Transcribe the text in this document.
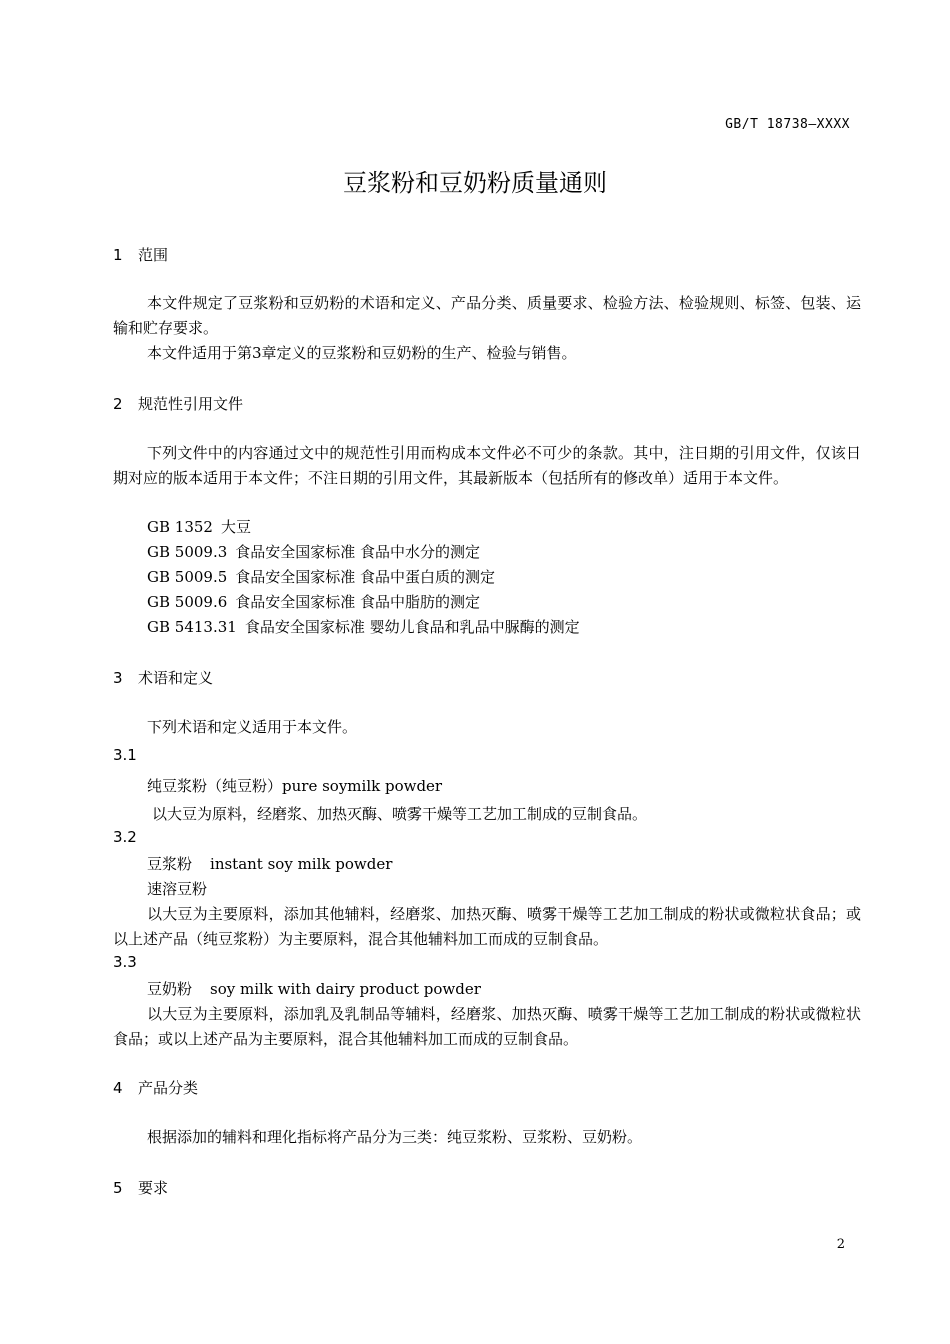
GB/T 18738—XXXX
豆浆粉和豆奶粉质量通则
1 范围
本文件规定了豆浆粉和豆奶粉的术语和定义、产品分类、质量要求、检验方法、检验规则、标签、包装、运输和贮存要求。
本文件适用于第3章定义的豆浆粉和豆奶粉的生产、检验与销售。
2 规范性引用文件
下列文件中的内容通过文中的规范性引用而构成本文件必不可少的条款。其中，注日期的引用文件，仅该日期对应的版本适用于本文件；不注日期的引用文件，其最新版本（包括所有的修改单）适用于本文件。
GB 1352 大豆
GB 5009.3 食品安全国家标准 食品中水分的测定
GB 5009.5 食品安全国家标准 食品中蛋白质的测定
GB 5009.6 食品安全国家标准 食品中脂肪的测定
GB 5413.31 食品安全国家标准 婴幼儿食品和乳品中脲酶的测定
3 术语和定义
下列术语和定义适用于本文件。
3.1
纯豆浆粉（纯豆粉）pure soymilk powder
以大豆为原料，经磨浆、加热灭酶、喷雾干燥等工艺加工制成的豆制食品。
3.2
豆浆粉 instant soy milk powder
速溶豆粉
以大豆为主要原料，添加其他辅料，经磨浆、加热灭酶、喷雾干燥等工艺加工制成的粉状或微粒状食品；或以上述产品（纯豆浆粉）为主要原料，混合其他辅料加工而成的豆制食品。
3.3
豆奶粉 soy milk with dairy product powder
以大豆为主要原料，添加乳及乳制品等辅料，经磨浆、加热灭酶、喷雾干燥等工艺加工制成的粉状或微粒状食品；或以上述产品为主要原料，混合其他辅料加工而成的豆制食品。
4 产品分类
根据添加的辅料和理化指标将产品分为三类：纯豆浆粉、豆浆粉、豆奶粉。
5 要求
2
